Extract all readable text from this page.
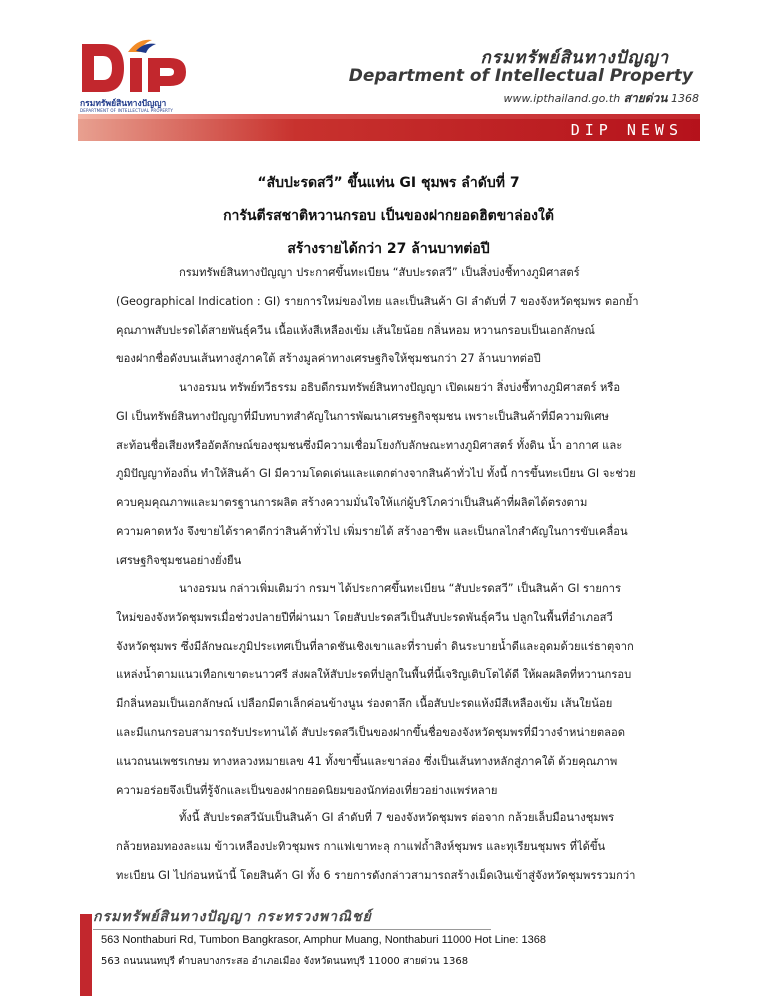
กรมทรัพย์สินทางปัญญา
DEPARTMENT OF INTELLECTUAL PROPERTY
กรมทรัพย์สินทางปัญญา
Department of Intellectual Property
www.ipthailand.go.th สายด่วน 1368
DIP NEWS
“สับปะรดสวี” ขึ้นแท่น GI ชุมพร ลำดับที่ 7
การันตีรสชาติหวานกรอบ เป็นของฝากยอดฮิตขาล่องใต้
สร้างรายได้กว่า 27 ล้านบาทต่อปี
กรมทรัพย์สินทางปัญญา ประกาศขึ้นทะเบียน “สับปะรดสวี” เป็นสิ่งบ่งชี้ทางภูมิศาสตร์
(Geographical Indication : GI) รายการใหม่ของไทย และเป็นสินค้า GI ลำดับที่ 7 ของจังหวัดชุมพร ตอกย้ำ
คุณภาพสับปะรดได้สายพันธุ์ควีน เนื้อแห้งสีเหลืองเข้ม เส้นใยน้อย กลิ่นหอม หวานกรอบเป็นเอกลักษณ์
ของฝากชื่อดังบนเส้นทางสู่ภาคใต้ สร้างมูลค่าทางเศรษฐกิจให้ชุมชนกว่า 27 ล้านบาทต่อปี
นางอรมน ทรัพย์ทวีธรรม อธิบดีกรมทรัพย์สินทางปัญญา เปิดเผยว่า สิ่งบ่งชี้ทางภูมิศาสตร์ หรือ
GI เป็นทรัพย์สินทางปัญญาที่มีบทบาทสำคัญในการพัฒนาเศรษฐกิจชุมชน เพราะเป็นสินค้าที่มีความพิเศษ
สะท้อนชื่อเสียงหรืออัตลักษณ์ของชุมชนซึ่งมีความเชื่อมโยงกับลักษณะทางภูมิศาสตร์ ทั้งดิน น้ำ อากาศ และ
ภูมิปัญญาท้องถิ่น ทำให้สินค้า GI มีความโดดเด่นและแตกต่างจากสินค้าทั่วไป ทั้งนี้ การขึ้นทะเบียน GI จะช่วย
ควบคุมคุณภาพและมาตรฐานการผลิต สร้างความมั่นใจให้แก่ผู้บริโภคว่าเป็นสินค้าที่ผลิตได้ตรงตาม
ความคาดหวัง จึงขายได้ราคาดีกว่าสินค้าทั่วไป เพิ่มรายได้ สร้างอาชีพ และเป็นกลไกสำคัญในการขับเคลื่อน
เศรษฐกิจชุมชนอย่างยั่งยืน
นางอรมน กล่าวเพิ่มเติมว่า กรมฯ ได้ประกาศขึ้นทะเบียน “สับปะรดสวี” เป็นสินค้า GI รายการ
ใหม่ของจังหวัดชุมพรเมื่อช่วงปลายปีที่ผ่านมา โดยสับปะรดสวีเป็นสับปะรดพันธุ์ควีน ปลูกในพื้นที่อำเภอสวี
จังหวัดชุมพร ซึ่งมีลักษณะภูมิประเทศเป็นที่ลาดชันเชิงเขาและที่ราบต่ำ ดินระบายน้ำดีและอุดมด้วยแร่ธาตุจาก
แหล่งน้ำตามแนวเทือกเขาตะนาวศรี ส่งผลให้สับปะรดที่ปลูกในพื้นที่นี้เจริญเติบโตได้ดี ให้ผลผลิตที่หวานกรอบ
มีกลิ่นหอมเป็นเอกลักษณ์ เปลือกมีตาเล็กค่อนข้างนูน ร่องตาลึก เนื้อสับปะรดแห้งมีสีเหลืองเข้ม เส้นใยน้อย
และมีแกนกรอบสามารถรับประทานได้ สับปะรดสวีเป็นของฝากขึ้นชื่อของจังหวัดชุมพรที่มีวางจำหน่ายตลอด
แนวถนนเพชรเกษม ทางหลวงหมายเลข 41 ทั้งขาขึ้นและขาล่อง ซึ่งเป็นเส้นทางหลักสู่ภาคใต้ ด้วยคุณภาพ
ความอร่อยจึงเป็นที่รู้จักและเป็นของฝากยอดนิยมของนักท่องเที่ยวอย่างแพร่หลาย
ทั้งนี้ สับปะรดสวีนับเป็นสินค้า GI ลำดับที่ 7 ของจังหวัดชุมพร ต่อจาก กล้วยเล็บมือนางชุมพร
กล้วยหอมทองละแม ข้าวเหลืองปะทิวชุมพร กาแฟเขาทะลุ กาแฟถ้ำสิงห์ชุมพร และทุเรียนชุมพร ที่ได้ขึ้น
ทะเบียน GI ไปก่อนหน้านี้ โดยสินค้า GI ทั้ง 6 รายการดังกล่าวสามารถสร้างเม็ดเงินเข้าสู่จังหวัดชุมพรรวมกว่า
กรมทรัพย์สินทางปัญญา กระทรวงพาณิชย์
563 Nonthaburi Rd, Tumbon Bangkrasor, Amphur Muang, Nonthaburi 11000 Hot Line: 1368
563 ถนนนนทบุรี ตำบลบางกระสอ อำเภอเมือง จังหวัดนนทบุรี 11000 สายด่วน 1368
